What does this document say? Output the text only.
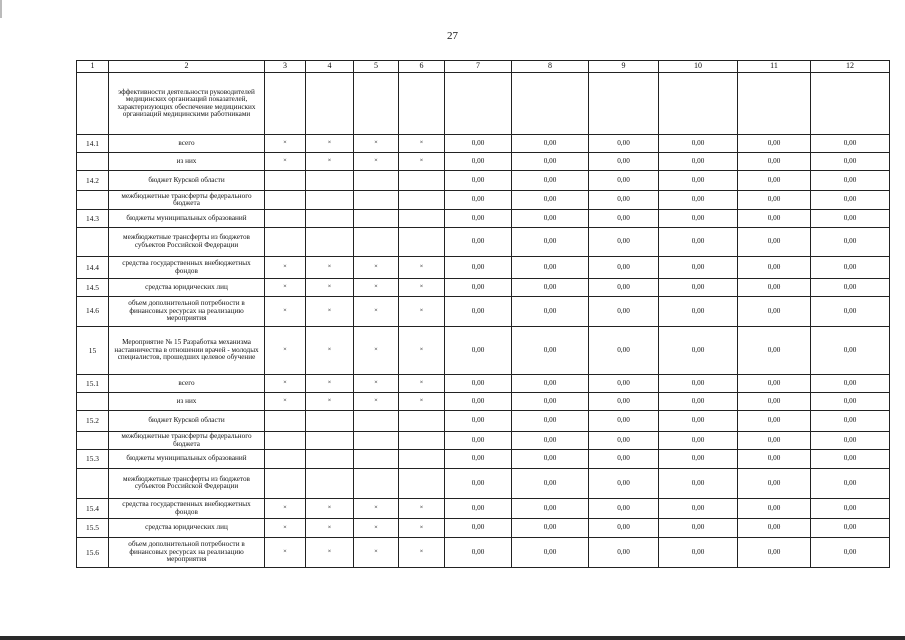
27
1	2	3	4	5	6	7	8	9	10	11	12
	эффективности деятельности руководителей медицинских организаций показателей, характеризующих обеспечение медицинских организаций медицинскими работниками										
14.1	всего	×	×	×	×	0,00	0,00	0,00	0,00	0,00	0,00
	из них	×	×	×	×	0,00	0,00	0,00	0,00	0,00	0,00
14.2	бюджет Курской области					0,00	0,00	0,00	0,00	0,00	0,00
	межбюджетные трансферты федерального бюджета					0,00	0,00	0,00	0,00	0,00	0,00
14.3	бюджеты муниципальных образований					0,00	0,00	0,00	0,00	0,00	0,00
	межбюджетные трансферты из бюджетов субъектов Российской Федерации					0,00	0,00	0,00	0,00	0,00	0,00
14.4	средства государственных внебюджетных фондов	×	×	×	×	0,00	0,00	0,00	0,00	0,00	0,00
14.5	средства юридических лиц	×	×	×	×	0,00	0,00	0,00	0,00	0,00	0,00
14.6	объем дополнительной потребности в финансовых ресурсах на реализацию мероприятия	×	×	×	×	0,00	0,00	0,00	0,00	0,00	0,00
15	Мероприятие № 15 Разработка механизма наставничества в отношении врачей - молодых специалистов, прошедших целевое обучение	×	×	×	×	0,00	0,00	0,00	0,00	0,00	0,00
15.1	всего	×	×	×	×	0,00	0,00	0,00	0,00	0,00	0,00
	из них	×	×	×	×	0,00	0,00	0,00	0,00	0,00	0,00
15.2	бюджет Курской области					0,00	0,00	0,00	0,00	0,00	0,00
	межбюджетные трансферты федерального бюджета					0,00	0,00	0,00	0,00	0,00	0,00
15.3	бюджеты муниципальных образований					0,00	0,00	0,00	0,00	0,00	0,00
	межбюджетные трансферты из бюджетов субъектов Российской Федерации					0,00	0,00	0,00	0,00	0,00	0,00
15.4	средства государственных внебюджетных фондов	×	×	×	×	0,00	0,00	0,00	0,00	0,00	0,00
15.5	средства юридических лиц	×	×	×	×	0,00	0,00	0,00	0,00	0,00	0,00
15.6	объем дополнительной потребности в финансовых ресурсах на реализацию мероприятия	×	×	×	×	0,00	0,00	0,00	0,00	0,00	0,00
